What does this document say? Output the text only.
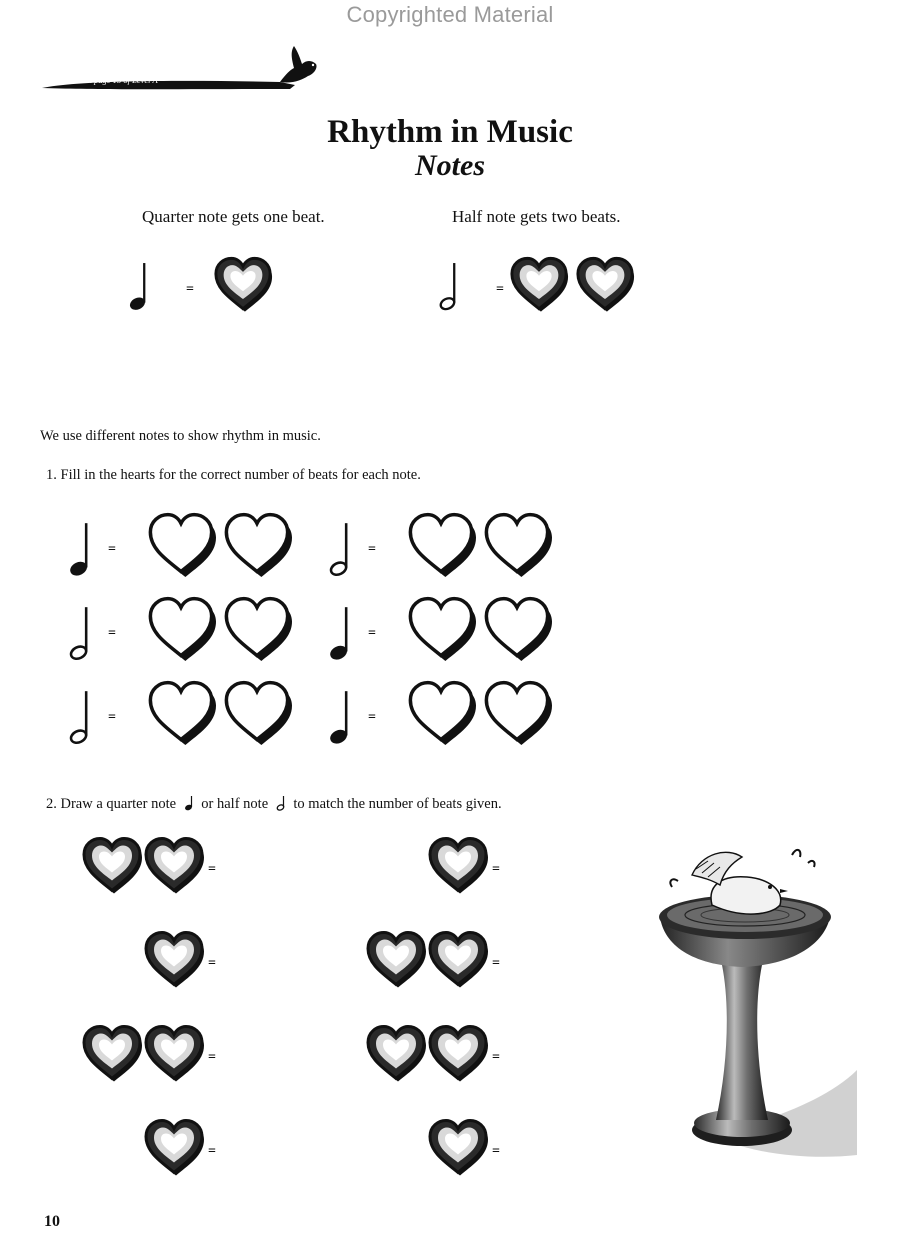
Copyrighted Material
Use with page 13 of Level A
Rhythm in Music
Notes
Quarter note gets one beat.	Half note gets two beats.
We use different notes to show rhythm in music.
1. Fill in the hearts for the correct number of beats for each note.
2. Draw a quarter note or half note to match the number of beats given.
10
=	=
=	=
=	=
=	=
=	=
=	=
=	=
=	=
